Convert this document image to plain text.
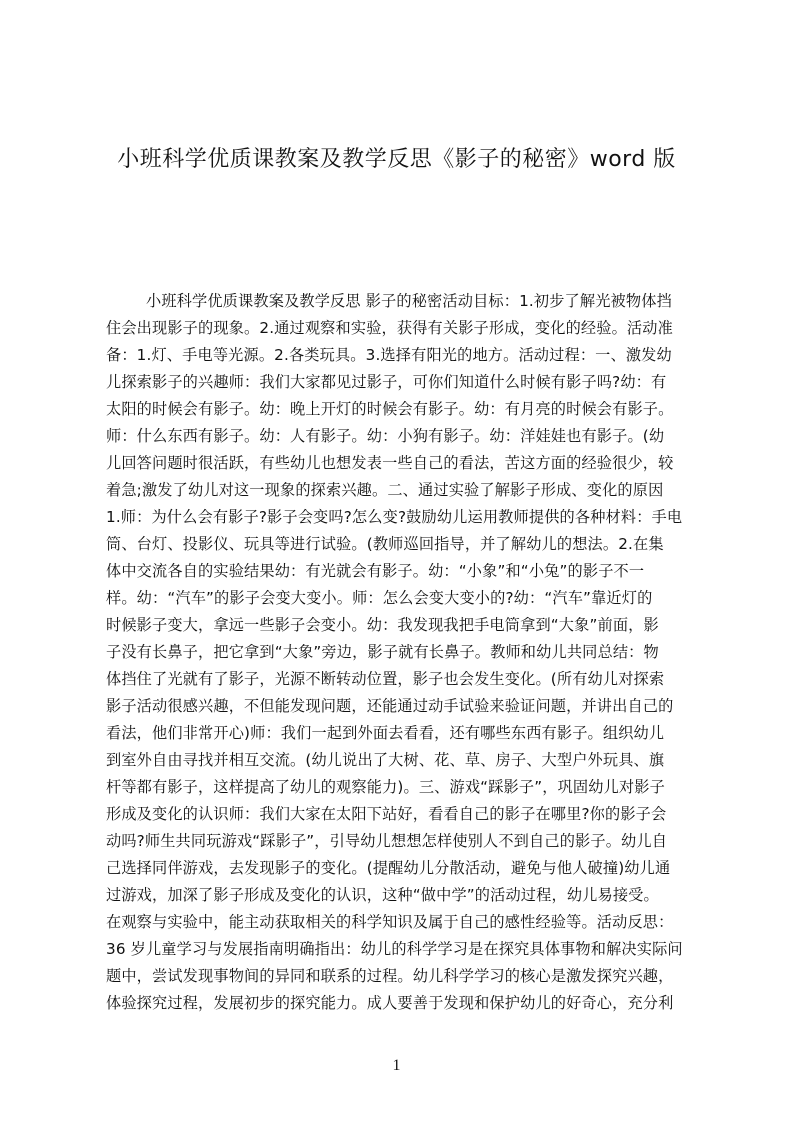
小班科学优质课教案及教学反思《影子的秘密》word 版
小班科学优质课教案及教学反思 影子的秘密活动目标：1.初步了解光被物体挡
住会出现影子的现象。2.通过观察和实验，获得有关影子形成，变化的经验。活动准
备：1.灯、手电等光源。2.各类玩具。3.选择有阳光的地方。活动过程：一、激发幼
儿探索影子的兴趣师：我们大家都见过影子，可你们知道什么时候有影子吗?幼：有
太阳的时候会有影子。幼：晚上开灯的时候会有影子。幼：有月亮的时候会有影子。
师：什么东西有影子。幼：人有影子。幼：小狗有影子。幼：洋娃娃也有影子。(幼
儿回答问题时很活跃，有些幼儿也想发表一些自己的看法，苦这方面的经验很少，较
着急;激发了幼儿对这一现象的探索兴趣。二、通过实验了解影子形成、变化的原因
1.师：为什么会有影子?影子会变吗?怎么变?鼓励幼儿运用教师提供的各种材料：手电
筒、台灯、投影仪、玩具等进行试验。(教师巡回指导，并了解幼儿的想法。2.在集
体中交流各自的实验结果幼：有光就会有影子。幼：“小象”和“小兔”的影子不一
样。幼：“汽车”的影子会变大变小。师：怎么会变大变小的?幼：“汽车”靠近灯的
时候影子变大，拿远一些影子会变小。幼：我发现我把手电筒拿到“大象”前面，影
子没有长鼻子，把它拿到“大象”旁边，影子就有长鼻子。教师和幼儿共同总结：物
体挡住了光就有了影子，光源不断转动位置，影子也会发生变化。(所有幼儿对探索
影子活动很感兴趣，不但能发现问题，还能通过动手试验来验证问题，并讲出自己的
看法，他们非常开心)师：我们一起到外面去看看，还有哪些东西有影子。组织幼儿
到室外自由寻找并相互交流。(幼儿说出了大树、花、草、房子、大型户外玩具、旗
杆等都有影子，这样提高了幼儿的观察能力)。三、游戏“踩影子”，巩固幼儿对影子
形成及变化的认识师：我们大家在太阳下站好，看看自己的影子在哪里?你的影子会
动吗?师生共同玩游戏“踩影子”，引导幼儿想想怎样使别人不到自己的影子。幼儿自
己选择同伴游戏，去发现影子的变化。(提醒幼儿分散活动，避免与他人破撞)幼儿通
过游戏，加深了影子形成及变化的认识，这种“做中学”的活动过程，幼儿易接受。
在观察与实验中，能主动获取相关的科学知识及属于自己的感性经验等。活动反思：
36 岁儿童学习与发展指南明确指出：幼儿的科学学习是在探究具体事物和解决实际问
题中，尝试发现事物间的异同和联系的过程。幼儿科学学习的核心是激发探究兴趣，
体验探究过程，发展初步的探究能力。成人要善于发现和保护幼儿的好奇心，充分利
1
